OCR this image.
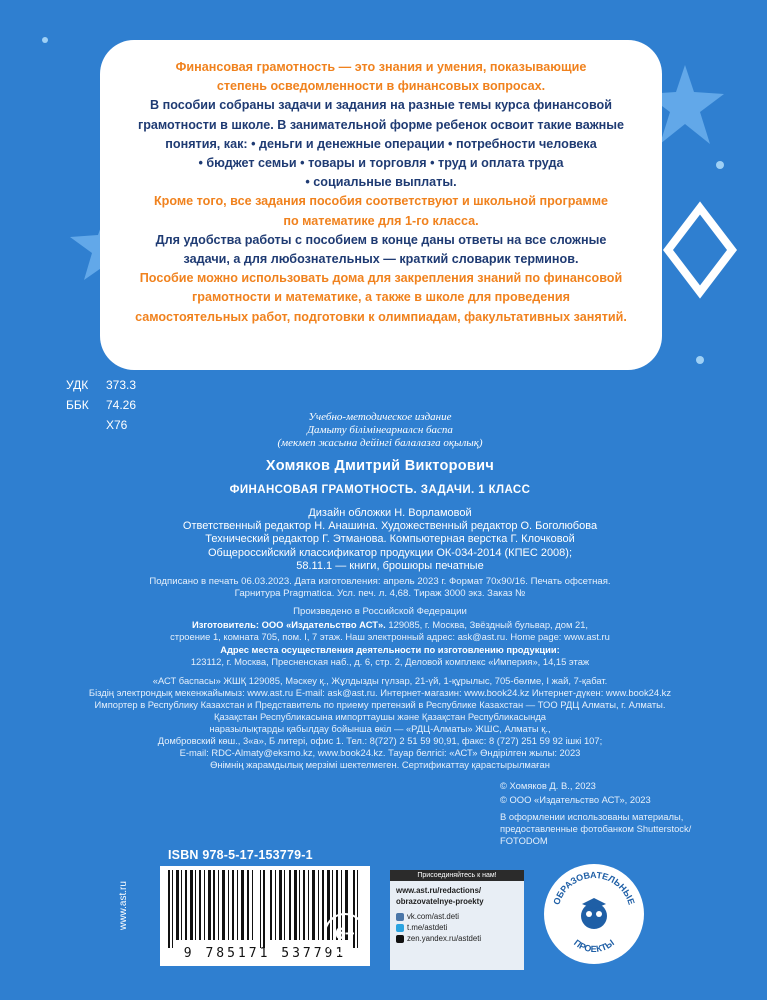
Финансовая грамотность — это знания и умения, показывающие

степень осведомленности в финансовых вопросах.

В пособии собраны задачи и задания на разные темы курса финансовой

грамотности в школе. В занимательной форме ребенок освоит такие важные

понятия, как: • деньги и денежные операции • потребности человека

• бюджет семьи • товары и торговля • труд и оплата труда

• социальные выплаты.

Кроме того, все задания пособия соответствуют и школьной программе

по математике для 1-го класса.

Для удобства работы с пособием в конце даны ответы на все сложные

задачи, а для любознательных — краткий словарик терминов.

Пособие можно использовать дома для закрепления знаний по финансовой

грамотности и математике, а также в школе для проведения

самостоятельных работ, подготовки к олимпиадам, факультативных занятий.

УДК 373.3
ББК 74.26
Х76
Учебно-методическое издание
Дамыту білімінеарналсн баспа
(мекмеп жасына дейінгі балалазға оқылық)
Хомяков Дмитрий Викторович
ФИНАНСОВАЯ ГРАМОТНОСТЬ. ЗАДАЧИ. 1 КЛАСС
Дизайн обложки Н. Ворламовой
Ответственный редактор Н. Анашина. Художественный редактор О. Боголюбова
Технический редактор Г. Этманова. Компьютерная верстка Г. Клочковой
Общероссийский классификатор продукции ОК-034-2014 (КПЕС 2008);
58.11.1 — книги, брошюры печатные
Подписано в печать 06.03.2023. Дата изготовления: апрель 2023 г. Формат 70х90/16. Печать офсетная.
Гарнитура Pragmatica. Усл. печ. л. 4,68. Тираж 3000 экз. Заказ №
Произведено в Российской Федерации
Изготовитель: ООО «Издательство АСТ». 129085, г. Москва, Звёздный бульвар, дом 21,
строение 1, комната 705, пом. I, 7 этаж. Наш электронный адрес: ask@ast.ru. Home page: www.ast.ru
Адрес места осуществления деятельности по изготовлению продукции:
123112, г. Москва, Пресненская наб., д. 6, стр. 2, Деловой комплекс «Империя», 14,15 этаж
«АСТ баспасы» ЖШҚ 129085, Мәскеу қ., Жұлдызды гүлзар, 21-үй, 1-құрылыс, 705-бөлме, I жай, 7-қабат.
Біздің электрондық мекенжайымыз: www.ast.ru E-mail: ask@ast.ru. Интернет-магазин: www.book24.kz Интернет-дүкен: www.book24.kz
Импортер в Республику Казахстан и Представитель по приему претензий в Республике Казахстан — ТОО РДЦ Алматы, г. Алматы.
Қазақстан Республикасына импорттаушы және Қазақстан Республикасында
наразылықтарды қабылдау бойынша өкіл — «РДЦ-Алматы» ЖШС, Алматы қ.,
Домбровский көш., 3«а», Б литері, офис 1. Тел.: 8(727) 2 51 59 90,91, факс: 8 (727) 251 59 92 ішкі 107;
E-mail: RDC-Almaty@eksmo.kz, www.book24.kz. Тауар белгісі: «АСТ» Өндірілген жылы: 2023
Өнімнің жарамдылық мерзімі шектелмеген. Сертификаттау қарастырылмаған
© Хомяков Д. В., 2023
© ООО «Издательство АСТ», 2023
В оформлении использованы материалы,
предоставленные фотобанком Shutterstock/
FOTODOM
ISBN 978-5-17-153779-1
9 785171 537791
www.ast.ru
6+
Присоединяйтесь к нам!
www.ast.ru/redactions/
obrazovatelnye-proekty
vk.com/ast.deti
t.me/astdeti
zen.yandex.ru/astdeti
ОБРАЗОВАТЕЛЬНЫЕ
ПРОЕКТЫ
